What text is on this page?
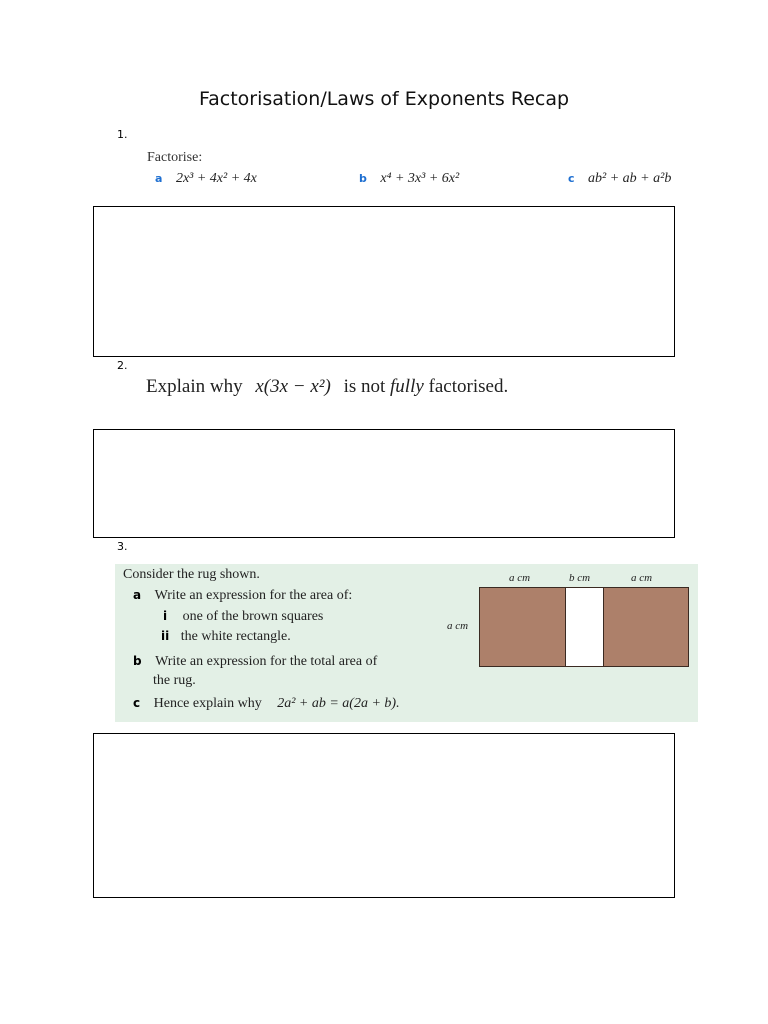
Factorisation/Laws of Exponents Recap
1.
Factorise:
a 2x³ + 4x² + 4x	b x⁴ + 3x³ + 6x²	c ab² + ab + a²b
2.
Explain why x(3x − x²) is not fully factorised.
3.
Consider the rug shown.
a Write an expression for the area of:
i one of the brown squares
ii the white rectangle.
b Write an expression for the total area of
the rug.
c Hence explain why 2a² + ab = a(2a + b).
a cm	b cm	a cm
a cm
